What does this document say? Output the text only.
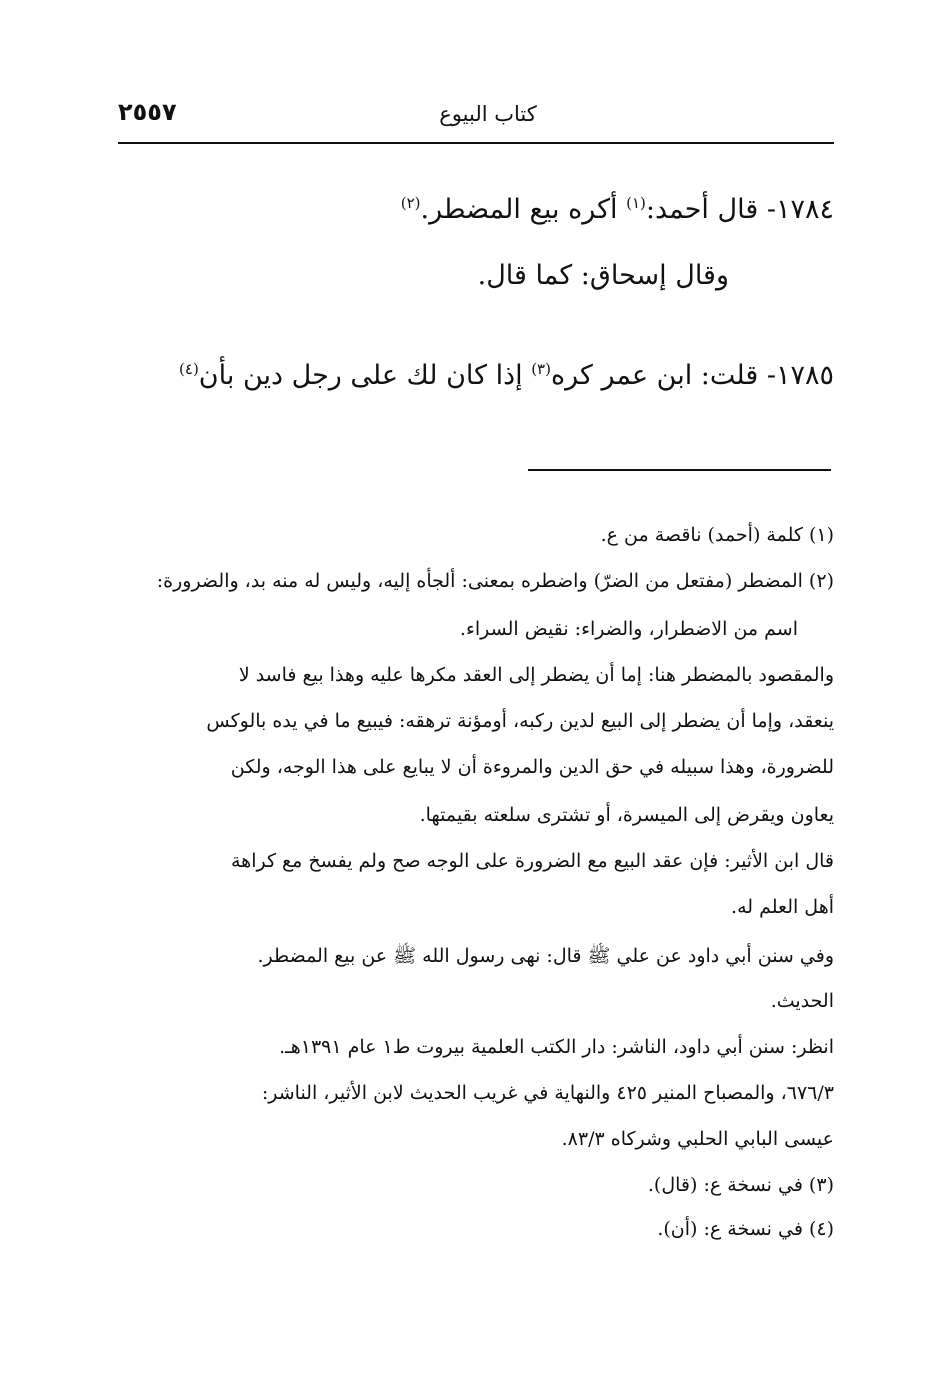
٢٥٥٧	كتاب البيوع
١٧٨٤- قال أحمد:$^{(١)}$ أكره بيع المضطر.$^{(٢)}$
وقال إسحاق: كما قال.
١٧٨٥- قلت: ابن عمر كره$^{(٣)}$ إذا كان لك على رجل دين بأن$^{(٤)}$
(١) كلمة (أحمد) ناقصة من ع.
(٢) المضطر (مفتعل من الضرّ) واضطره بمعنى: ألجأه إليه، وليس له منه بد، والضرورة:
اسم من الاضطرار، والضراء: نقيض السراء.
والمقصود بالمضطر هنا: إما أن يضطر إلى العقد مكرها عليه وهذا بيع فاسد لا
ينعقد، وإما أن يضطر إلى البيع لدين ركبه، أومؤنة ترهقه: فيبيع ما في يده بالوكس
للضرورة، وهذا سبيله في حق الدين والمروءة أن لا يبايع على هذا الوجه، ولكن
يعاون ويقرض إلى الميسرة، أو تشترى سلعته بقيمتها.
قال ابن الأثير: فإن عقد البيع مع الضرورة على الوجه صح ولم يفسخ مع كراهة
أهل العلم له.
وفي سنن أبي داود عن علي ﷺ قال: نهى رسول الله ﷺ عن بيع المضطر.
الحديث.
انظر: سنن أبي داود، الناشر: دار الكتب العلمية بيروت ط١ عام ١٣٩١هـ.
٦٧٦/٣، والمصباح المنير ٤٢٥ والنهاية في غريب الحديث لابن الأثير، الناشر:
عيسى البابي الحلبي وشركاه ٨٣/٣.
(٣) في نسخة ع: (قال).
(٤) في نسخة ع: (أن).
